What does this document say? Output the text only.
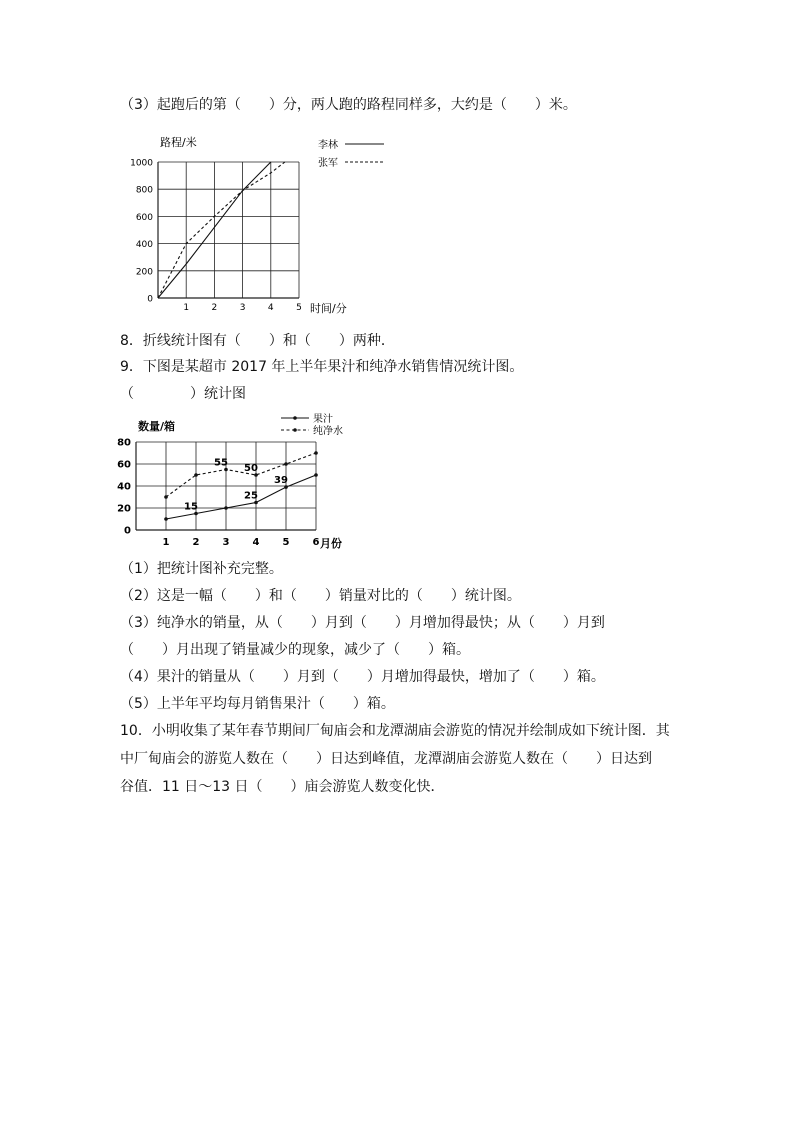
（3）起跑后的第（　　）分，两人跑的路程同样多，大约是（　　）米。
0
200
400
600
800
1000
1 2 3 4 5
路程/米
时间/分
李林
张军
8．折线统计图有（　　）和（　　）两种．
9．下图是某超市 2017 年上半年果汁和纯净水销售情况统计图。
（　　　　）统计图
0
20
40
60
80
1 2 3 4 5 6
数量/箱
月份
果汁
纯净水
15
25
39
55 50
（1）把统计图补充完整。
（2）这是一幅（　　）和（　　）销量对比的（　　）统计图。
（3）纯净水的销量，从（　　）月到（　　）月增加得最快；从（　　）月到
（　　）月出现了销量减少的现象，减少了（　　）箱。
（4）果汁的销量从（　　）月到（　　）月增加得最快，增加了（　　）箱。
（5）上半年平均每月销售果汁（　　）箱。
10．小明收集了某年春节期间厂甸庙会和龙潭湖庙会游览的情况并绘制成如下统计图．其
中厂甸庙会的游览人数在（　　）日达到峰值，龙潭湖庙会游览人数在（　　）日达到
谷值．11 日～13 日（　　）庙会游览人数变化快．
